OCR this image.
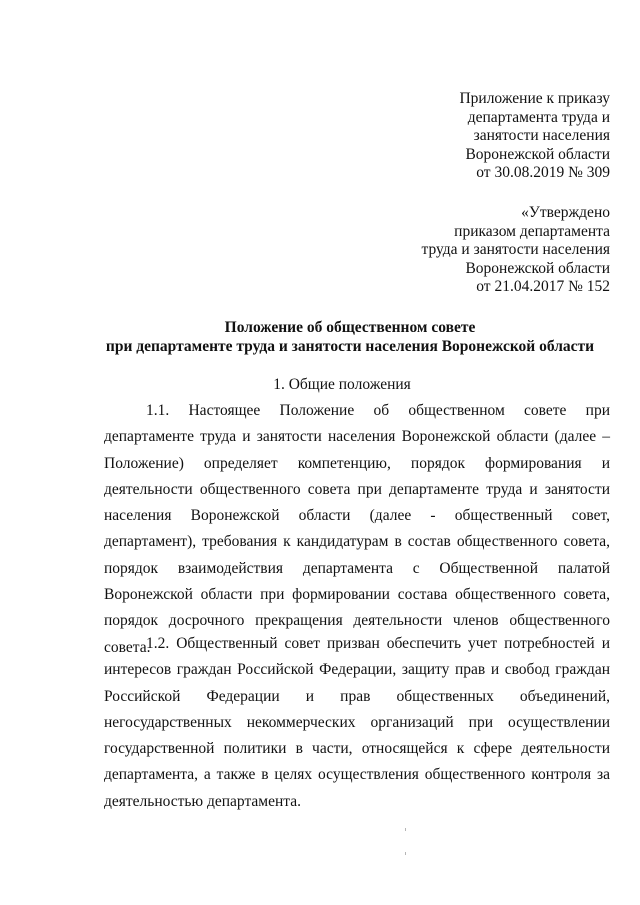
Приложение к приказу
департамента труда и
занятости населения
Воронежской области
от 30.08.2019 № 309
«Утверждено
приказом департамента
труда и занятости населения
Воронежской области
от 21.04.2017 № 152
Положение об общественном совете
при департаменте труда и занятости населения Воронежской области
1. Общие положения

1.1. Настоящее Положение об общественном совете при департаменте труда и занятости населения Воронежской области (далее – Положение) определяет компетенцию, порядок формирования и деятельности общественного совета при департаменте труда и занятости населения Воронежской области (далее - общественный совет, департамент), требования к кандидатурам в состав общественного совета, порядок взаимодействия департамента с Общественной палатой Воронежской области при формировании состава общественного совета, порядок досрочного прекращения деятельности членов общественного совета.

1.2. Общественный совет призван обеспечить учет потребностей и интересов граждан Российской Федерации, защиту прав и свобод граждан Российской Федерации и прав общественных объединений, негосударственных некоммерческих организаций при осуществлении государственной политики в части, относящейся к сфере деятельности департамента, а также в целях осуществления общественного контроля за деятельностью департамента.
